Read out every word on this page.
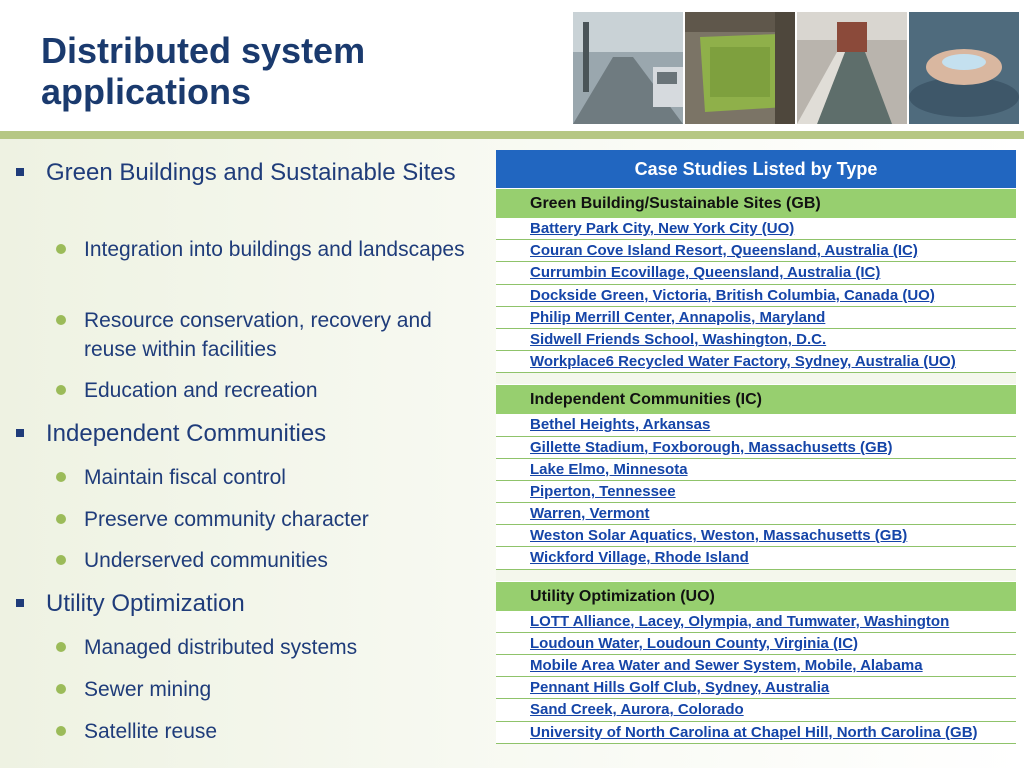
Distributed system
applications
Green Buildings and Sustainable Sites
Integration into buildings and landscapes
Resource conservation, recovery and reuse within facilities
Education and recreation
Independent Communities
Maintain fiscal control
Preserve community character
Underserved communities
Utility Optimization
Managed distributed systems
Sewer mining
Satellite reuse
Case Studies Listed by Type
Green Building/Sustainable Sites (GB)
Battery Park City, New York City (UO)
Couran Cove Island Resort, Queensland, Australia (IC)
Currumbin Ecovillage, Queensland, Australia (IC)
Dockside Green, Victoria, British Columbia, Canada (UO)
Philip Merrill Center, Annapolis, Maryland
Sidwell Friends School, Washington, D.C.
Workplace6 Recycled Water Factory, Sydney, Australia (UO)
Independent Communities (IC)
Bethel Heights, Arkansas
Gillette Stadium, Foxborough, Massachusetts (GB)
Lake Elmo, Minnesota
Piperton, Tennessee
Warren, Vermont
Weston Solar Aquatics, Weston, Massachusetts (GB)
Wickford Village, Rhode Island
Utility Optimization (UO)
LOTT Alliance, Lacey, Olympia, and Tumwater, Washington
Loudoun Water, Loudoun County, Virginia (IC)
Mobile Area Water and Sewer System, Mobile, Alabama
Pennant Hills Golf Club, Sydney, Australia
Sand Creek, Aurora, Colorado
University of North Carolina at Chapel Hill, North Carolina (GB)
